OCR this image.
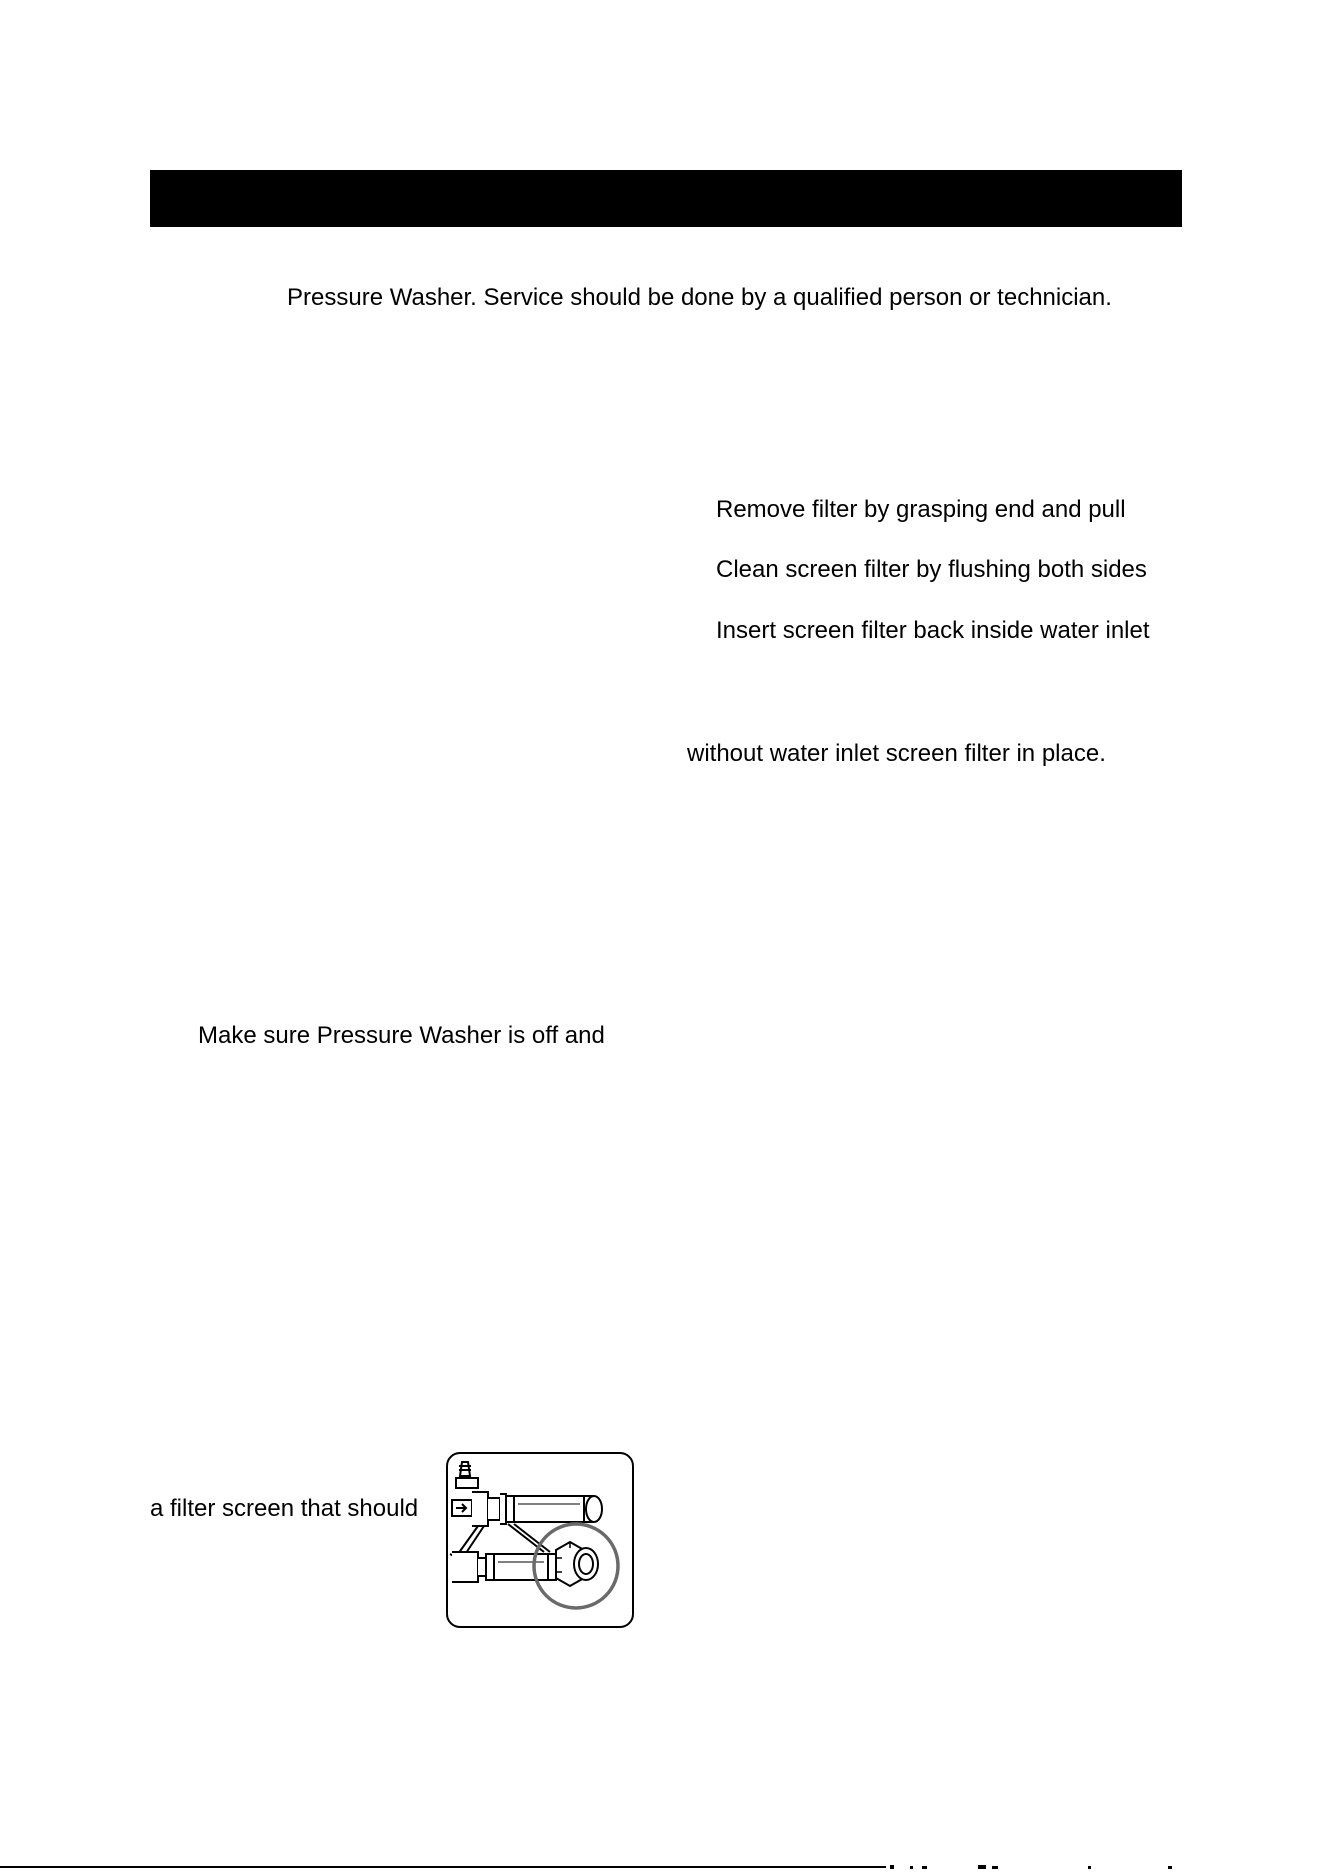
Pressure Washer. Service should be done by a qualified person or technician.
Remove filter by grasping end and pull
Clean screen filter by flushing both sides
Insert screen filter back inside water inlet
without water inlet screen filter in place.
Make sure Pressure Washer is off and
a filter screen that should
